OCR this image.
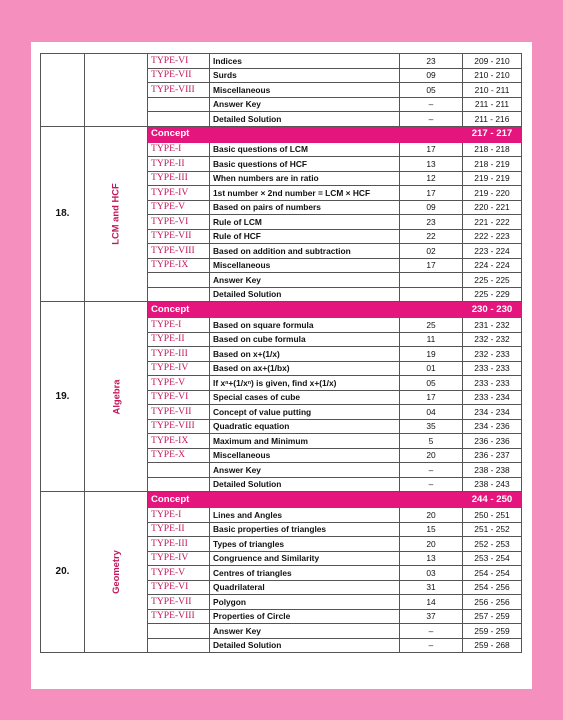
		TYPE-VI	Indices	23	209 - 210
		TYPE-VII	Surds	09	210 - 210
		TYPE-VIII	Miscellaneous	05	210 - 211
			Answer Key	–	211 - 211
			Detailed Solution	–	211 - 216
18.	LCM and HCF	Concept			217 - 217
		TYPE-I	Basic questions of LCM	17	218 - 218
		TYPE-II	Basic questions of HCF	13	218 - 219
		TYPE-III	When numbers are in ratio	12	219 - 219
		TYPE-IV	1st number × 2nd number = LCM × HCF	17	219 - 220
		TYPE-V	Based on pairs of numbers	09	220 - 221
		TYPE-VI	Rule of LCM	23	221 - 222
		TYPE-VII	Rule of HCF	22	222 - 223
		TYPE-VIII	Based on addition and subtraction	02	223 - 224
		TYPE-IX	Miscellaneous	17	224 - 224
			Answer Key		225 - 225
			Detailed Solution		225 - 229
19.	Algebra	Concept			230 - 230
		TYPE-I	Based on square formula	25	231 - 232
		TYPE-II	Based on cube formula	11	232 - 232
		TYPE-III	Based on x+(1/x)	19	232 - 233
		TYPE-IV	Based on ax+(1/bx)	01	233 - 233
		TYPE-V	If xⁿ+(1/xⁿ) is given, find x+(1/x)	05	233 - 233
		TYPE-VI	Special cases of cube	17	233 - 234
		TYPE-VII	Concept of value putting	04	234 - 234
		TYPE-VIII	Quadratic equation	35	234 - 236
		TYPE-IX	Maximum and Minimum	5	236 - 236
		TYPE-X	Miscellaneous	20	236 - 237
			Answer Key	–	238 - 238
			Detailed Solution	–	238 - 243
20.	Geometry	Concept			244 - 250
		TYPE-I	Lines and Angles	20	250 - 251
		TYPE-II	Basic properties of triangles	15	251 - 252
		TYPE-III	Types of triangles	20	252 - 253
		TYPE-IV	Congruence and Similarity	13	253 - 254
		TYPE-V	Centres of triangles	03	254 - 254
		TYPE-VI	Quadrilateral	31	254 - 256
		TYPE-VII	Polygon	14	256 - 256
		TYPE-VIII	Properties of Circle	37	257 - 259
			Answer Key	–	259 - 259
			Detailed Solution	–	259 - 268
